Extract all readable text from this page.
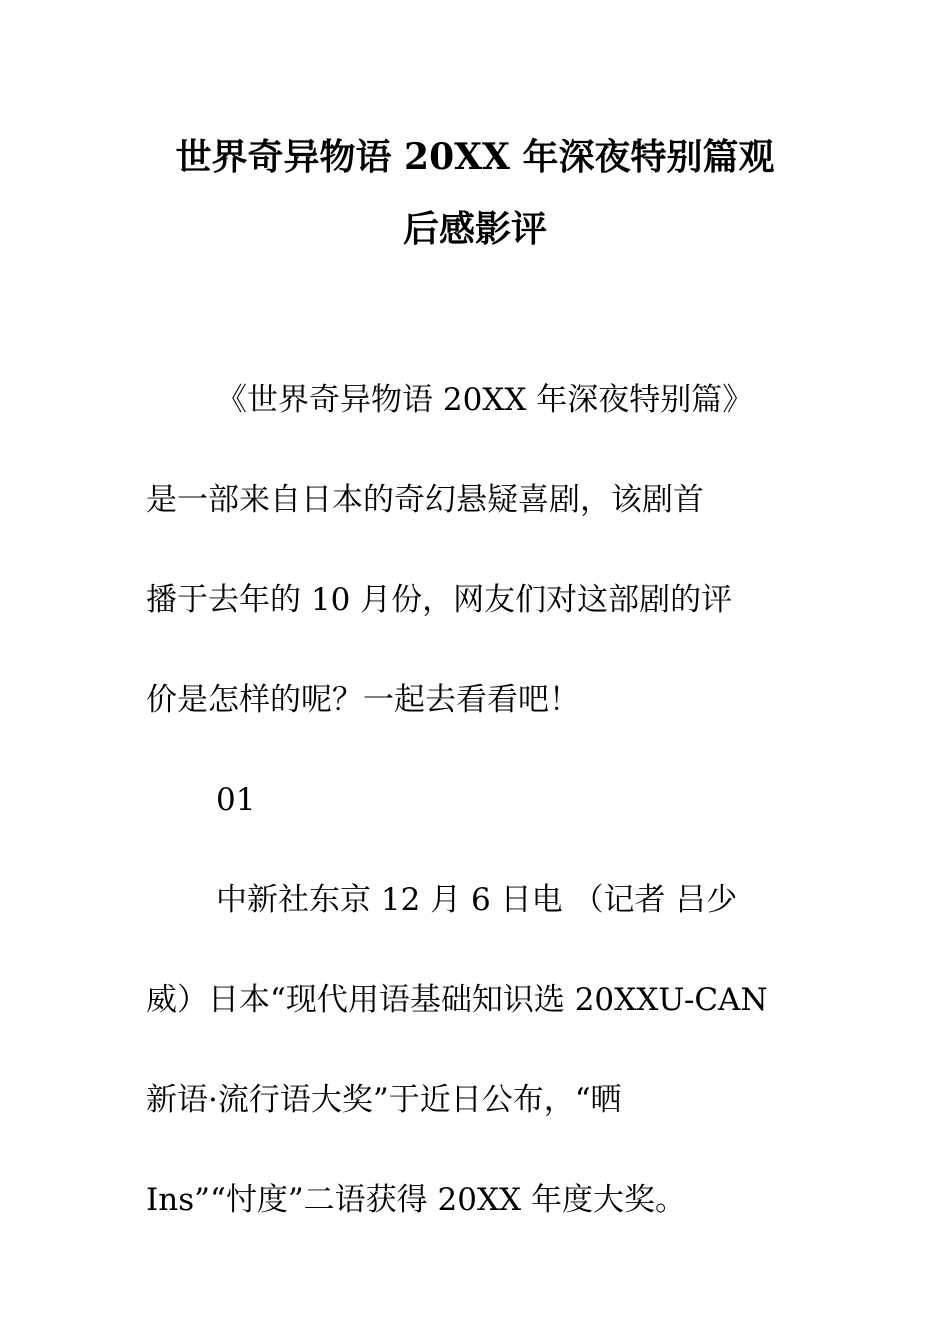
世界奇异物语 20XX 年深夜特别篇观
后感影评
《世界奇异物语 20XX 年深夜特别篇》
是一部来自日本的奇幻悬疑喜剧，该剧首
播于去年的 10 月份，网友们对这部剧的评
价是怎样的呢？一起去看看吧！
01
中新社东京 12 月 6 日电 （记者 吕少
威）日本“现代用语基础知识选 20XXU-CAN
新语·流行语大奖”于近日公布，“晒
Ins”“忖度”二语获得 20XX 年度大奖。
